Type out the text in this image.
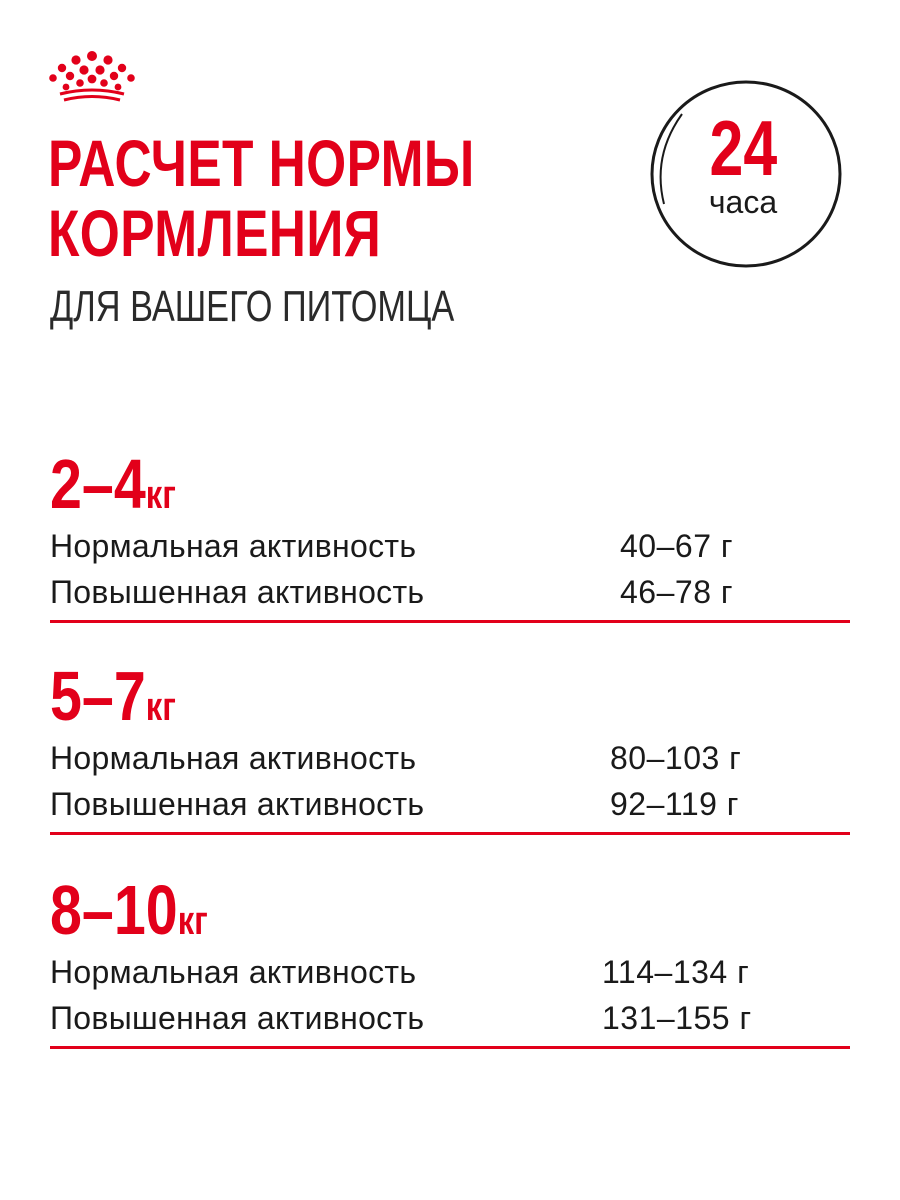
РАСЧЕТ НОРМЫ
КОРМЛЕНИЯ
ДЛЯ ВАШЕГО ПИТОМЦА
24
часа
2–4кг
Нормальная активность	40–67 г
Повышенная активность	46–78 г
5–7кг
Нормальная активность	80–103 г
Повышенная активность	92–119 г
8–10кг
Нормальная активность	114–134 г
Повышенная активность	131–155 г
